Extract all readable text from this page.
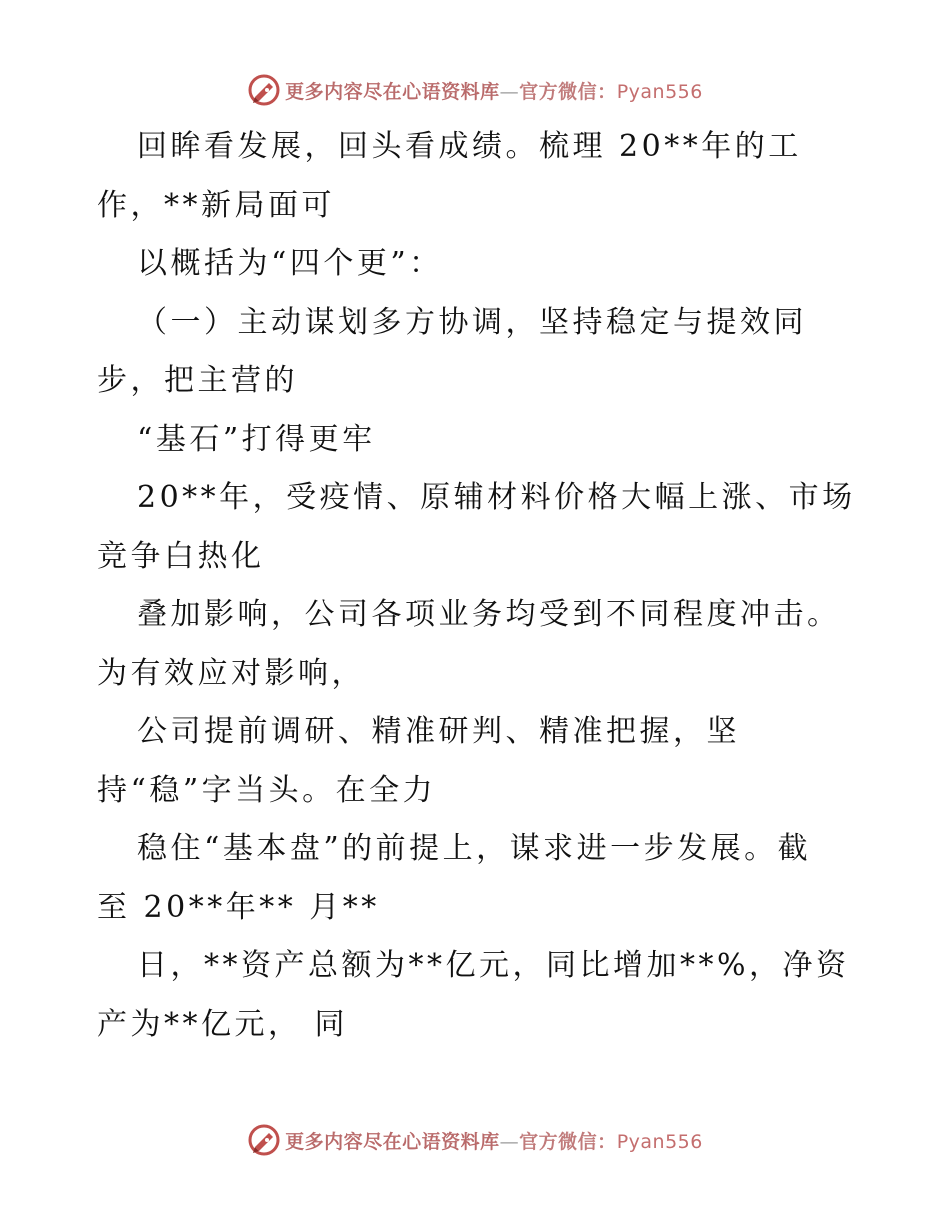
更多内容尽在心语资料库—官方微信：Pyan556
回眸看发展，回头看成绩。梳理 20**年的工
作，**新局面可
以概括为“四个更”：
（一）主动谋划多方协调，坚持稳定与提效同
步，把主营的
“基石”打得更牢
20**年，受疫情、原辅材料价格大幅上涨、市场
竞争白热化
叠加影响，公司各项业务均受到不同程度冲击。
为有效应对影响，
公司提前调研、精准研判、精准把握，坚
持“稳”字当头。在全力
稳住“基本盘”的前提上，谋求进一步发展。截
至 20**年** 月**
日，**资产总额为**亿元，同比增加**%，净资
产为**亿元， 同
更多内容尽在心语资料库—官方微信：Pyan556
